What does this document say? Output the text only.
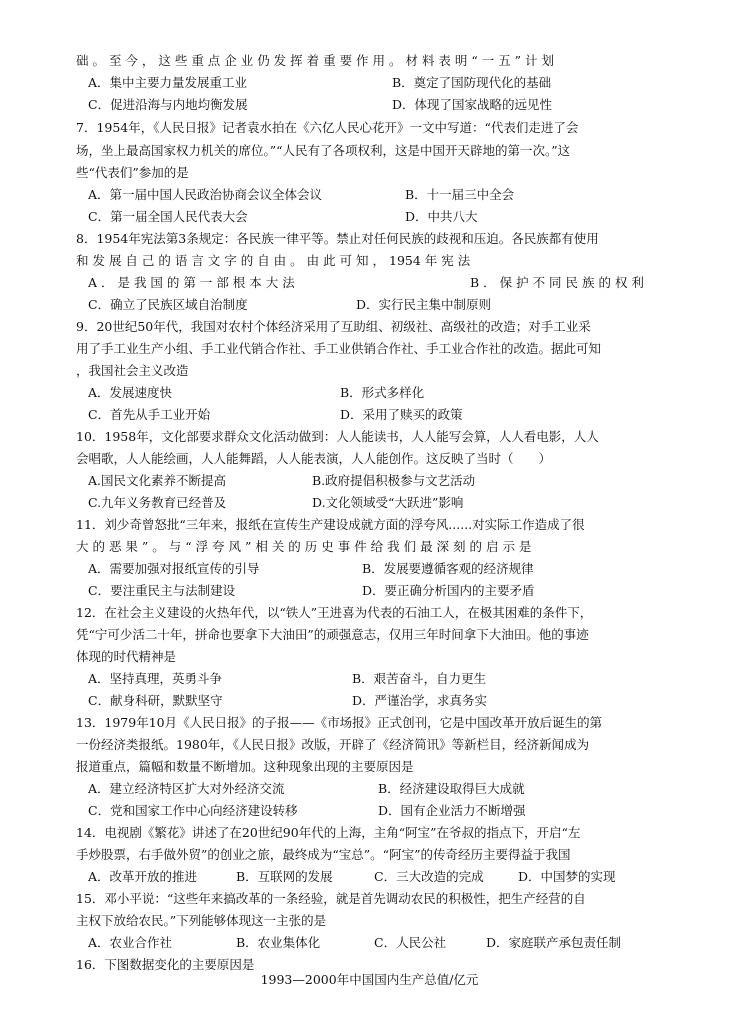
础 。 至 今 ， 这 些 重 点 企 业 仍 发 挥 着 重 要 作 用 。 材 料 表 明 “ 一 五 ” 计 划
A．集中主要力量发展重工业	B．奠定了国防现代化的基础
C．促进沿海与内地均衡发展	D．体现了国家战略的远见性
7．1954年，《人民日报》记者袁水拍在《六亿人民心花开》一文中写道：“代表们走进了会
场，坐上最高国家权力机关的席位。”“人民有了各项权利，这是中国开天辟地的第一次。”这
些“代表们”参加的是
A．第一届中国人民政治协商会议全体会议	B．十一届三中全会
C．第一届全国人民代表大会	D．中共八大
8．1954年宪法第3条规定：各民族一律平等。禁止对任何民族的歧视和压迫。各民族都有使用
和 发 展 自 己 的 语 言 文 字 的 自 由 。 由 此 可 知 ， 1954 年 宪 法
A ． 是 我 国 的 第 一 部 根 本 大 法	B ． 保 护 不 同 民 族 的 权 利
C．确立了民族区域自治制度	D．实行民主集中制原则
9．20世纪50年代，我国对农村个体经济采用了互助组、初级社、高级社的改造；对手工业采
用了手工业生产小组、手工业代销合作社、手工业供销合作社、手工业合作社的改造。据此可知
，我国社会主义改造
A．发展速度快	B．形式多样化
C．首先从手工业开始	D．采用了赎买的政策
10．1958年，文化部要求群众文化活动做到：人人能读书，人人能写会算，人人看电影，人人
会唱歌，人人能绘画，人人能舞蹈，人人能表演，人人能创作。这反映了当时（　　）
A.国民文化素养不断提高	B.政府提倡积极参与文艺活动
C.九年义务教育已经普及	D.文化领域受“大跃进”影响
11．刘少奇曾怒批“三年来，报纸在宣传生产建设成就方面的浮夸风......对实际工作造成了很
大 的 恶 果 ” 。 与 “ 浮 夸 风 ” 相 关 的 历 史 事 件 给 我 们 最 深 刻 的 启 示 是
A．需要加强对报纸宣传的引导	B．发展要遵循客观的经济规律
C．要注重民主与法制建设	D．要正确分析国内的主要矛盾
12．在社会主义建设的火热年代，以“铁人”王进喜为代表的石油工人，在极其困难的条件下，
凭“宁可少活二十年，拼命也要拿下大油田”的顽强意志，仅用三年时间拿下大油田。他的事迹
体现的时代精神是
A．坚持真理，英勇斗争	B．艰苦奋斗，自力更生
C．献身科研，默默坚守	D．严谨治学，求真务实
13．1979年10月《人民日报》的子报——《市场报》正式创刊，它是中国改革开放后诞生的第
一份经济类报纸。1980年，《人民日报》改版，开辟了《经济简讯》等新栏目，经济新闻成为
报道重点，篇幅和数量不断增加。这种现象出现的主要原因是
A．建立经济特区扩大对外经济交流	B．经济建设取得巨大成就
C．党和国家工作中心向经济建设转移	D．国有企业活力不断增强
14．电视剧《繁花》讲述了在20世纪90年代的上海，主角“阿宝”在爷叔的指点下，开启“左
手炒股票，右手做外贸”的创业之旅，最终成为“宝总”。“阿宝”的传奇经历主要得益于我国
A．改革开放的推进	B．互联网的发展	C．三大改造的完成	D．中国梦的实现
15．邓小平说：“这些年来搞改革的一条经验，就是首先调动农民的积极性，把生产经营的自
主权下放给农民。”下列能够体现这一主张的是
A．农业合作社	B．农业集体化	C．人民公社	D．家庭联产承包责任制
16．下图数据变化的主要原因是
1993—2000年中国国内生产总值/亿元
